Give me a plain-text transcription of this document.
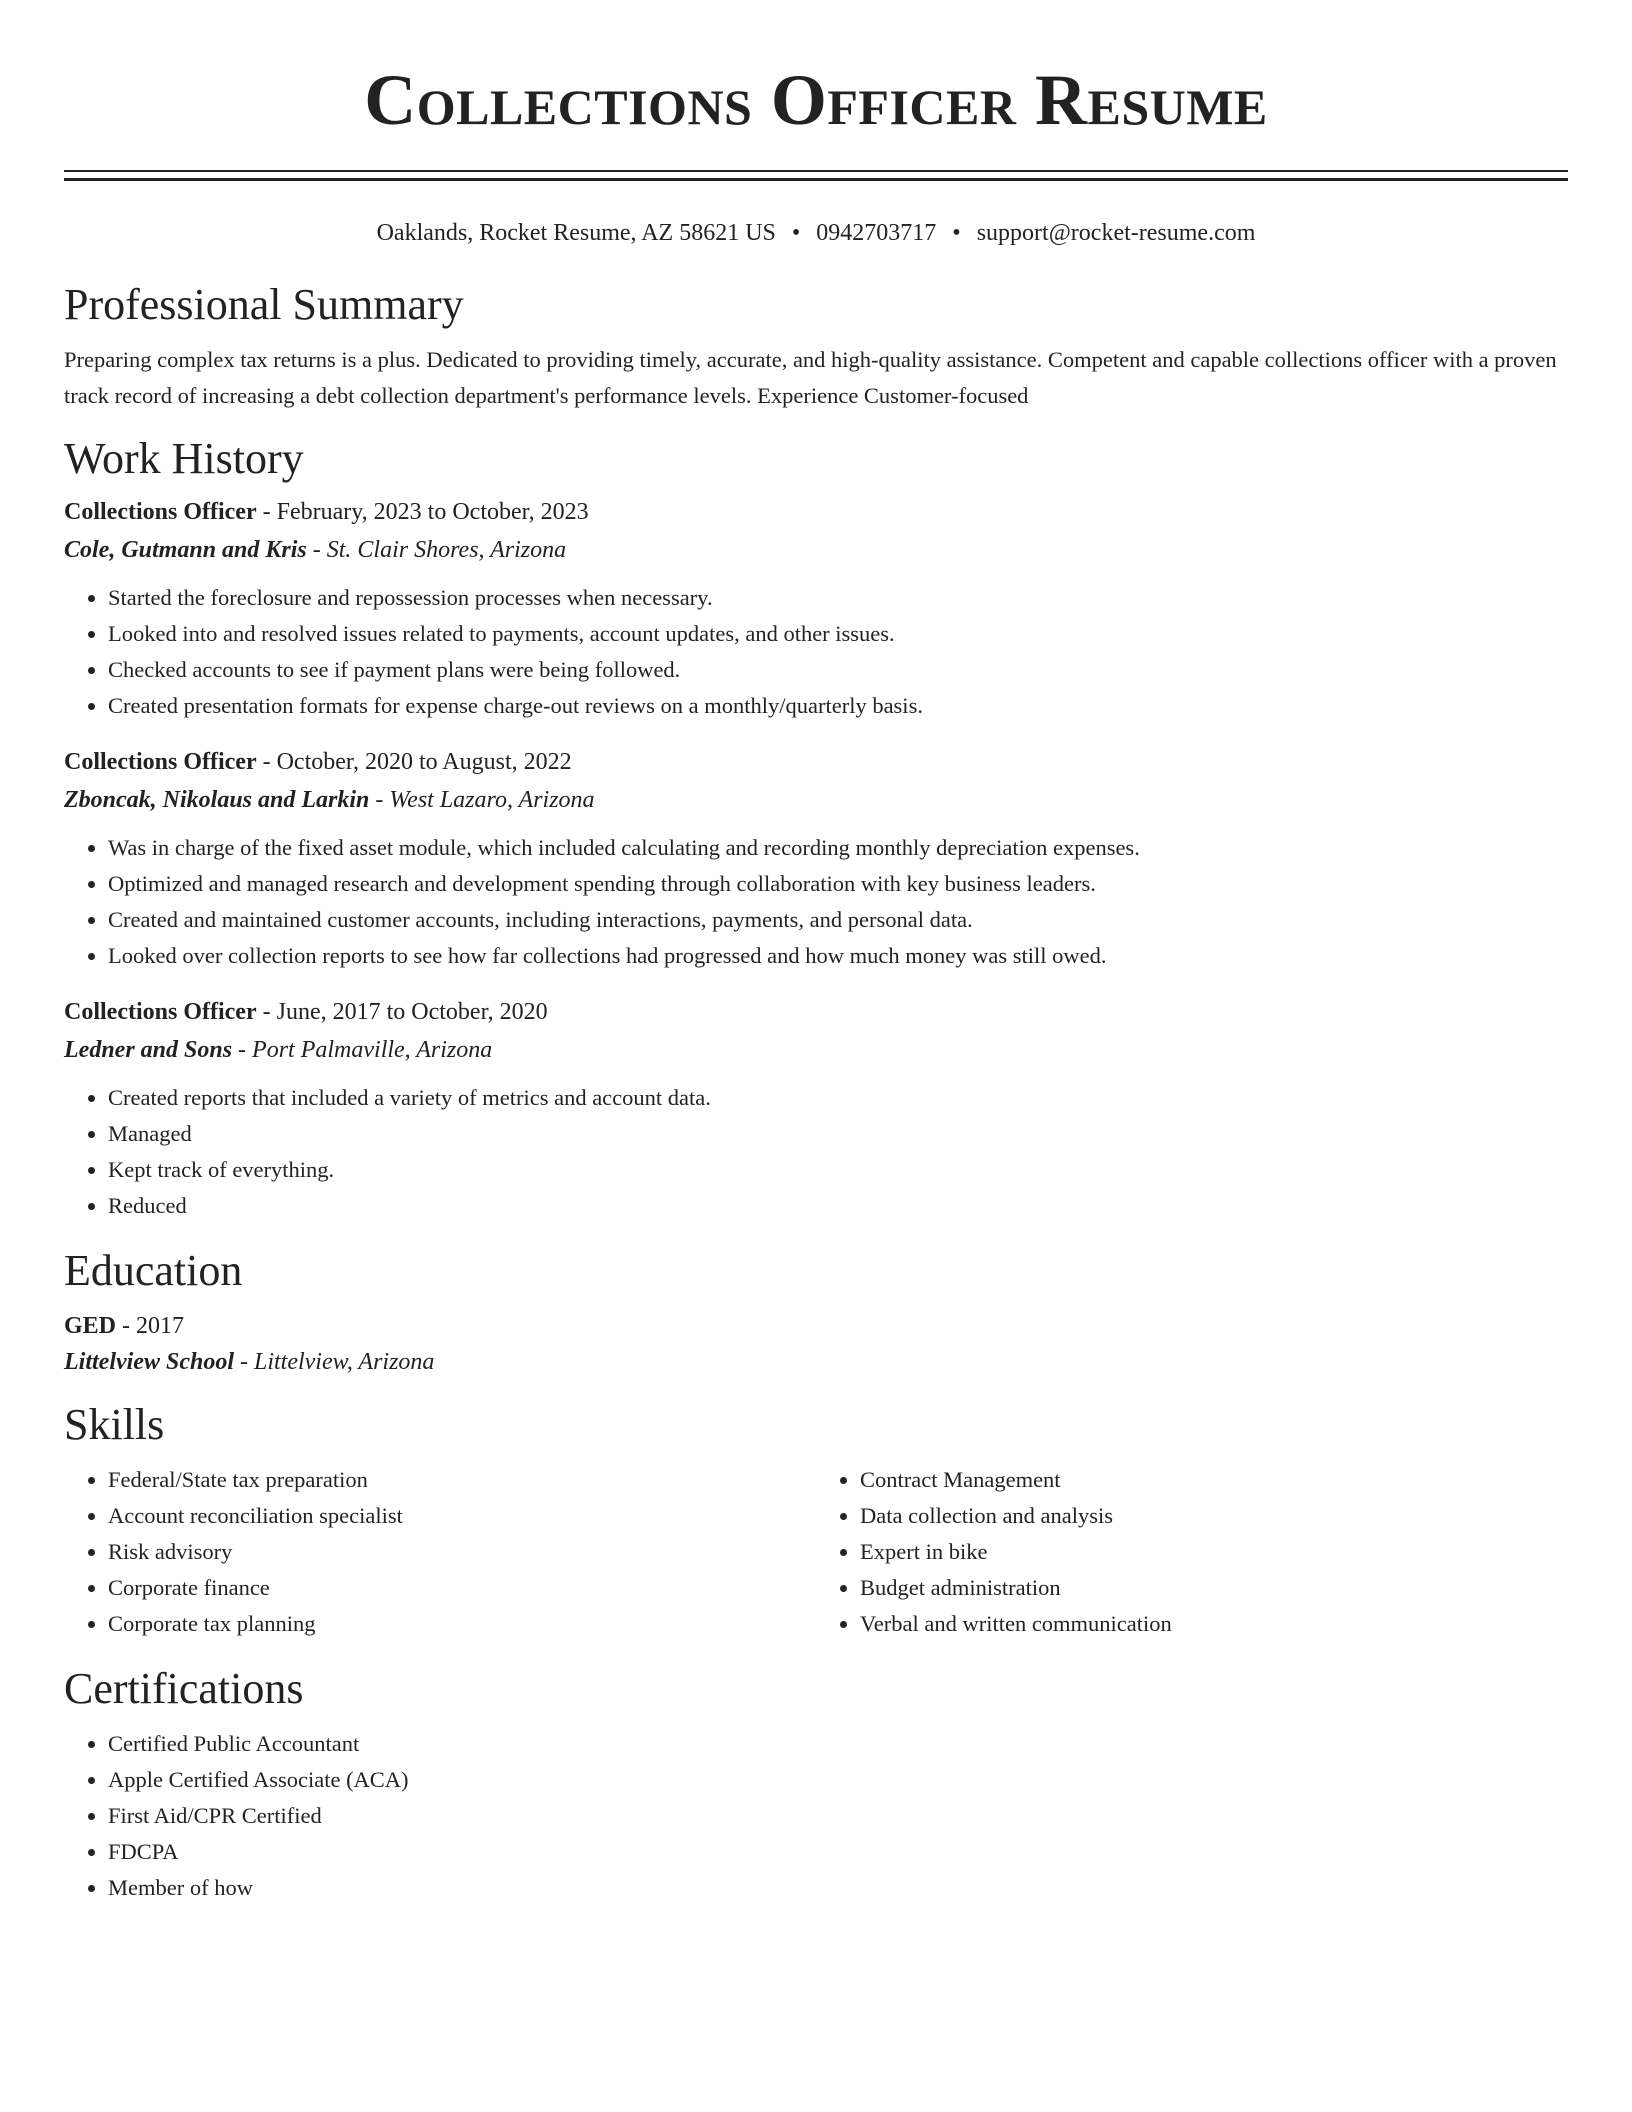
Collections Officer Resume
Oaklands, Rocket Resume, AZ 58621 US • 0942703717 • support@rocket-resume.com
Professional Summary

Preparing complex tax returns is a plus. Dedicated to providing timely, accurate, and high-quality assistance. Competent and capable collections officer with a proven track record of increasing a debt collection department's performance levels. Experience Customer-focused

Work History

Collections Officer - February, 2023 to October, 2023

Cole, Gutmann and Kris - St. Clair Shores, Arizona

• Started the foreclosure and repossession processes when necessary.
• Looked into and resolved issues related to payments, account updates, and other issues.
• Checked accounts to see if payment plans were being followed.
• Created presentation formats for expense charge-out reviews on a monthly/quarterly basis.

Collections Officer - October, 2020 to August, 2022

Zboncak, Nikolaus and Larkin - West Lazaro, Arizona

• Was in charge of the fixed asset module, which included calculating and recording monthly depreciation expenses.
• Optimized and managed research and development spending through collaboration with key business leaders.
• Created and maintained customer accounts, including interactions, payments, and personal data.
• Looked over collection reports to see how far collections had progressed and how much money was still owed.

Collections Officer - June, 2017 to October, 2020

Ledner and Sons - Port Palmaville, Arizona

• Created reports that included a variety of metrics and account data.
• Managed
• Kept track of everything.
• Reduced
Education

GED - 2017

Littelview School - Littelview, Arizona

Skills
• Federal/State tax preparation
• Account reconciliation specialist
• Risk advisory
• Corporate finance
• Corporate tax planning
• Contract Management
• Data collection and analysis
• Expert in bike
• Budget administration
• Verbal and written communication
Certifications
• Certified Public Accountant
• Apple Certified Associate (ACA)
• First Aid/CPR Certified
• FDCPA
• Member of how
